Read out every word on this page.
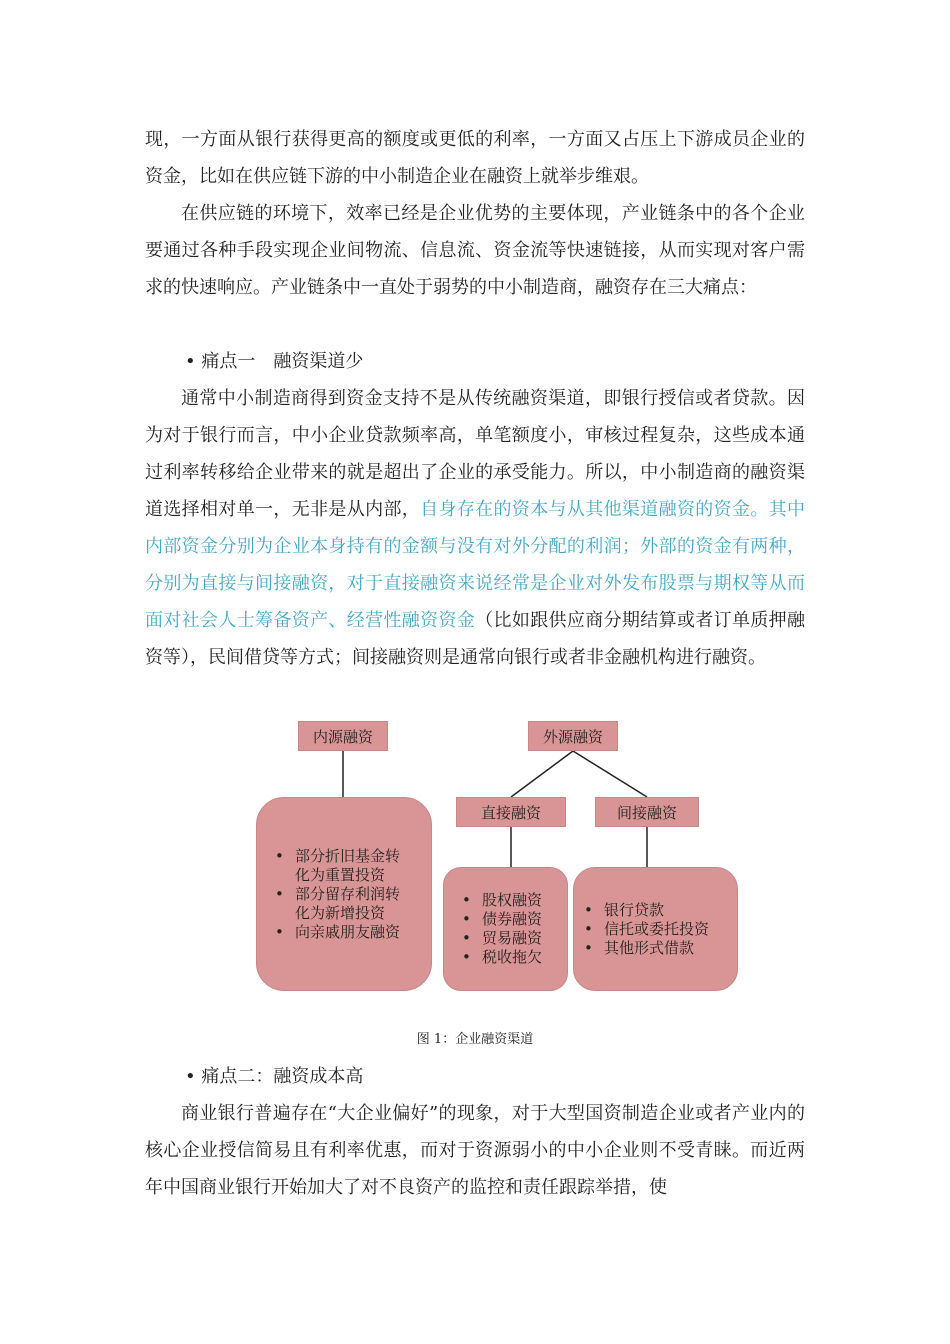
现，一方面从银行获得更高的额度或更低的利率，一方面又占压上下游成员企业的资金，比如在供应链下游的中小制造企业在融资上就举步维艰。

在供应链的环境下，效率已经是企业优势的主要体现，产业链条中的各个企业要通过各种手段实现企业间物流、信息流、资金流等快速链接，从而实现对客户需求的快速响应。产业链条中一直处于弱势的中小制造商，融资存在三大痛点：

• 痛点一　融资渠道少

通常中小制造商得到资金支持不是从传统融资渠道，即银行授信或者贷款。因为对于银行而言，中小企业贷款频率高，单笔额度小，审核过程复杂，这些成本通过利率转移给企业带来的就是超出了企业的承受能力。所以，中小制造商的融资渠道选择相对单一，无非是从内部，自身存在的资本与从其他渠道融资的资金。其中内部资金分别为企业本身持有的金额与没有对外分配的利润；外部的资金有两种，分别为直接与间接融资，对于直接融资来说经常是企业对外发布股票与期权等从而面对社会人士筹备资产、经营性融资资金（比如跟供应商分期结算或者订单质押融资等），民间借贷等方式；间接融资则是通常向银行或者非金融机构进行融资。

内源融资	外源融资
直接融资	间接融资
• 部分折旧基金转化为重置投资
• 部分留存利润转化为新增投资
• 向亲戚朋友融资
• 股权融资
• 债券融资
• 贸易融资
• 税收拖欠
• 银行贷款
• 信托或委托投资
• 其他形式借款
图 1：企业融资渠道

• 痛点二：融资成本高

商业银行普遍存在“大企业偏好”的现象，对于大型国资制造企业或者产业内的核心企业授信简易且有利率优惠，而对于资源弱小的中小企业则不受青睐。而近两年中国商业银行开始加大了对不良资产的监控和责任跟踪举措，使
